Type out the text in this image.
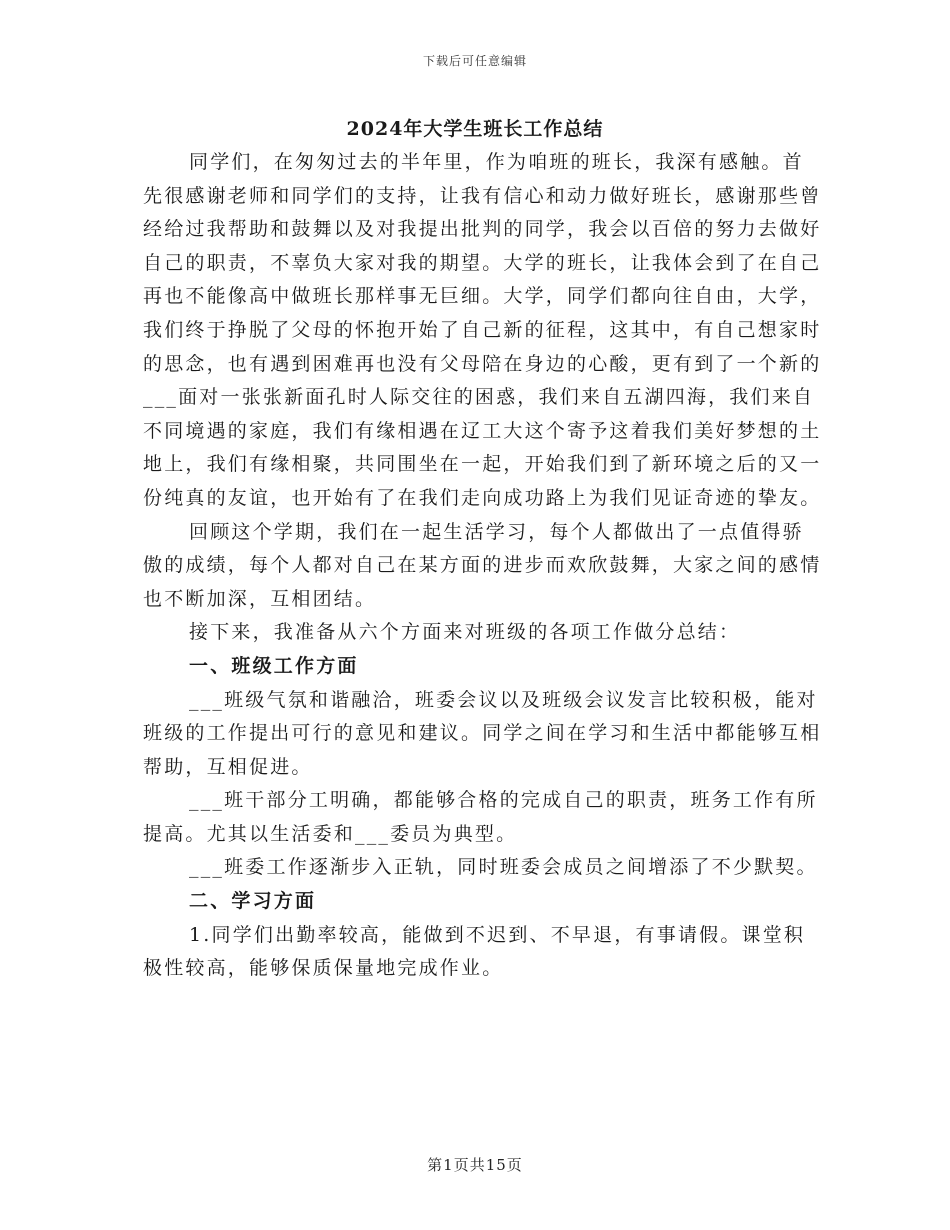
下载后可任意编辑
2024年大学生班长工作总结

同学们，在匆匆过去的半年里，作为咱班的班长，我深有感触。首先很感谢老师和同学们的支持，让我有信心和动力做好班长，感谢那些曾经给过我帮助和鼓舞以及对我提出批判的同学，我会以百倍的努力去做好自己的职责，不辜负大家对我的期望。大学的班长，让我体会到了在自己再也不能像高中做班长那样事无巨细。大学，同学们都向往自由，大学，我们终于挣脱了父母的怀抱开始了自己新的征程，这其中，有自己想家时的思念，也有遇到困难再也没有父母陪在身边的心酸，更有到了一个新的___面对一张张新面孔时人际交往的困惑，我们来自五湖四海，我们来自不同境遇的家庭，我们有缘相遇在辽工大这个寄予这着我们美好梦想的土地上，我们有缘相聚，共同围坐在一起，开始我们到了新环境之后的又一份纯真的友谊，也开始有了在我们走向成功路上为我们见证奇迹的挚友。

回顾这个学期，我们在一起生活学习，每个人都做出了一点值得骄傲的成绩，每个人都对自己在某方面的进步而欢欣鼓舞，大家之间的感情也不断加深，互相团结。

接下来，我准备从六个方面来对班级的各项工作做分总结：

一、班级工作方面

___班级气氛和谐融洽，班委会议以及班级会议发言比较积极，能对班级的工作提出可行的意见和建议。同学之间在学习和生活中都能够互相帮助，互相促进。

___班干部分工明确，都能够合格的完成自己的职责，班务工作有所提高。尤其以生活委和___委员为典型。

___班委工作逐渐步入正轨，同时班委会成员之间增添了不少默契。

二、学习方面

1.同学们出勤率较高，能做到不迟到、不早退，有事请假。课堂积极性较高，能够保质保量地完成作业。

第1页共15页
